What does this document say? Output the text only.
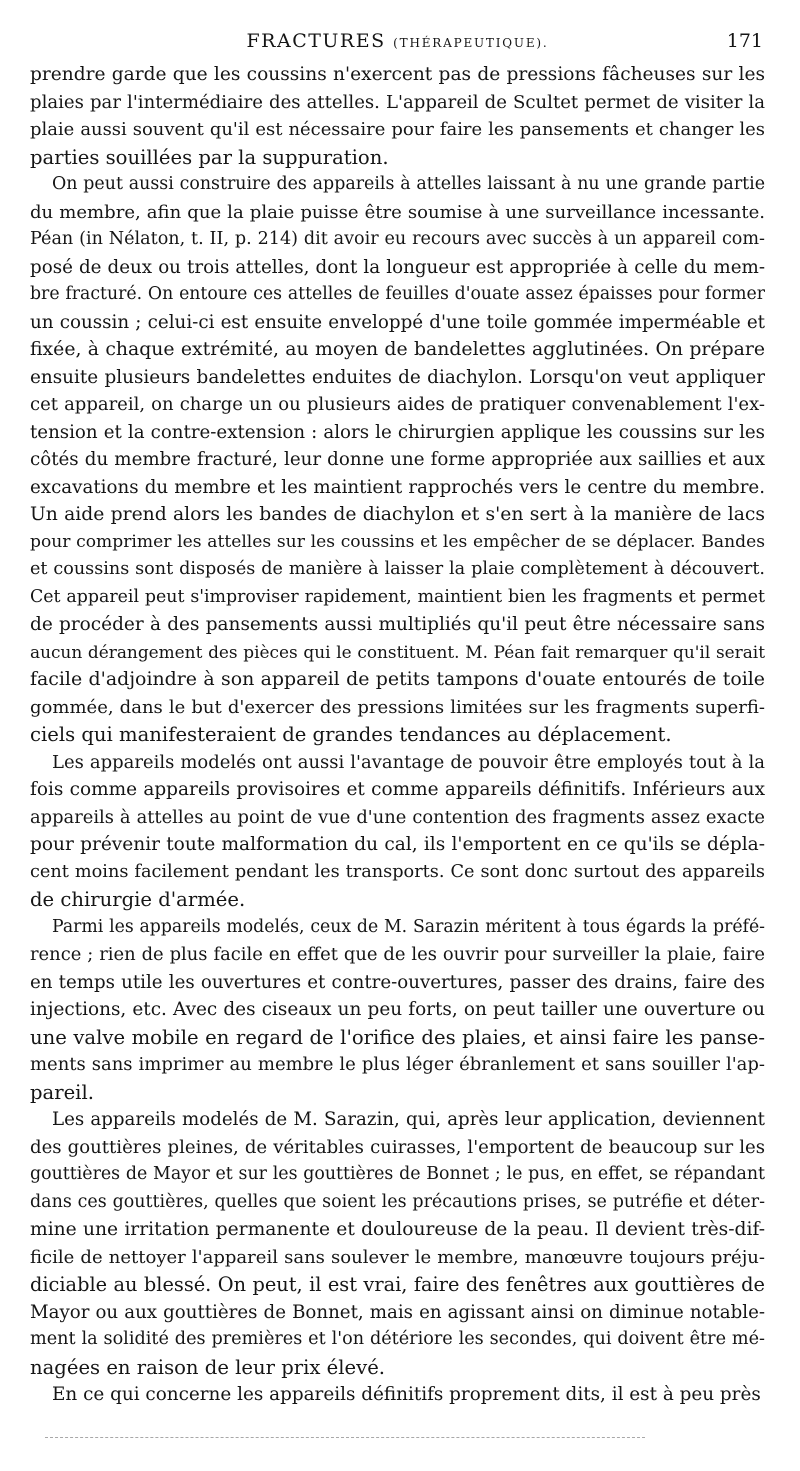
FRACTURES (THÉRAPEUTIQUE).	171
prendre garde que les coussins n'exercent pas de pressions fâcheuses sur les
plaies par l'intermédiaire des attelles. L'appareil de Scultet permet de visiter la
plaie aussi souvent qu'il est nécessaire pour faire les pansements et changer les
parties souillées par la suppuration.
On peut aussi construire des appareils à attelles laissant à nu une grande partie
du membre, afin que la plaie puisse être soumise à une surveillance incessante.
Péan (in Nélaton, t. II, p. 214) dit avoir eu recours avec succès à un appareil com-
posé de deux ou trois attelles, dont la longueur est appropriée à celle du mem-
bre fracturé. On entoure ces attelles de feuilles d'ouate assez épaisses pour former
un coussin ; celui-ci est ensuite enveloppé d'une toile gommée imperméable et
fixée, à chaque extrémité, au moyen de bandelettes agglutinées. On prépare
ensuite plusieurs bandelettes enduites de diachylon. Lorsqu'on veut appliquer
cet appareil, on charge un ou plusieurs aides de pratiquer convenablement l'ex-
tension et la contre-extension : alors le chirurgien applique les coussins sur les
côtés du membre fracturé, leur donne une forme appropriée aux saillies et aux
excavations du membre et les maintient rapprochés vers le centre du membre.
Un aide prend alors les bandes de diachylon et s'en sert à la manière de lacs
pour comprimer les attelles sur les coussins et les empêcher de se déplacer. Bandes
et coussins sont disposés de manière à laisser la plaie complètement à découvert.
Cet appareil peut s'improviser rapidement, maintient bien les fragments et permet
de procéder à des pansements aussi multipliés qu'il peut être nécessaire sans
aucun dérangement des pièces qui le constituent. M. Péan fait remarquer qu'il serait
facile d'adjoindre à son appareil de petits tampons d'ouate entourés de toile
gommée, dans le but d'exercer des pressions limitées sur les fragments superfi-
ciels qui manifesteraient de grandes tendances au déplacement.
Les appareils modelés ont aussi l'avantage de pouvoir être employés tout à la
fois comme appareils provisoires et comme appareils définitifs. Inférieurs aux
appareils à attelles au point de vue d'une contention des fragments assez exacte
pour prévenir toute malformation du cal, ils l'emportent en ce qu'ils se dépla-
cent moins facilement pendant les transports. Ce sont donc surtout des appareils
de chirurgie d'armée.
Parmi les appareils modelés, ceux de M. Sarazin méritent à tous égards la préfé-
rence ; rien de plus facile en effet que de les ouvrir pour surveiller la plaie, faire
en temps utile les ouvertures et contre-ouvertures, passer des drains, faire des
injections, etc. Avec des ciseaux un peu forts, on peut tailler une ouverture ou
une valve mobile en regard de l'orifice des plaies, et ainsi faire les panse-
ments sans imprimer au membre le plus léger ébranlement et sans souiller l'ap-
pareil.
Les appareils modelés de M. Sarazin, qui, après leur application, deviennent
des gouttières pleines, de véritables cuirasses, l'emportent de beaucoup sur les
gouttières de Mayor et sur les gouttières de Bonnet ; le pus, en effet, se répandant
dans ces gouttières, quelles que soient les précautions prises, se putréfie et déter-
mine une irritation permanente et douloureuse de la peau. Il devient très-dif-
ficile de nettoyer l'appareil sans soulever le membre, manœuvre toujours préju-
diciable au blessé. On peut, il est vrai, faire des fenêtres aux gouttières de
Mayor ou aux gouttières de Bonnet, mais en agissant ainsi on diminue notable-
ment la solidité des premières et l'on détériore les secondes, qui doivent être mé-
nagées en raison de leur prix élevé.
En ce qui concerne les appareils définitifs proprement dits, il est à peu près
